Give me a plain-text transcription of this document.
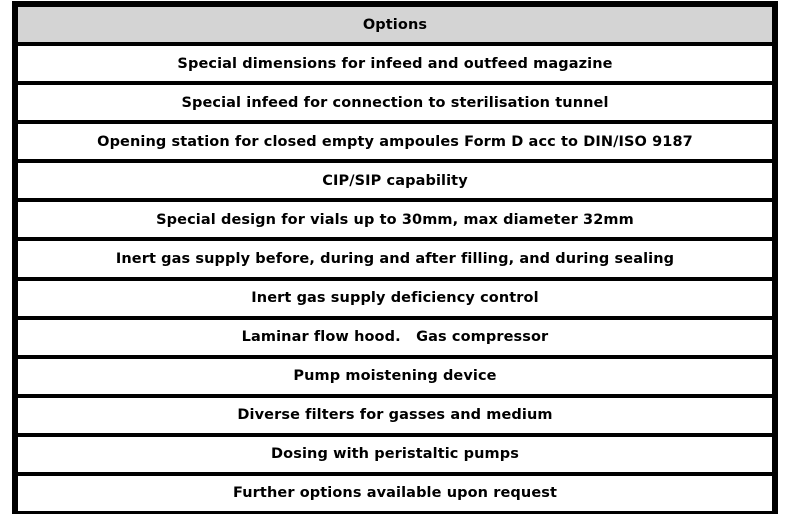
Options
Special dimensions for infeed and outfeed magazine
Special infeed for connection to sterilisation tunnel
Opening station for closed empty ampoules Form D acc to DIN/ISO 9187
CIP/SIP capability
Special design for vials up to 30mm, max diameter 32mm
Inert gas supply before, during and after filling, and during sealing
Inert gas supply deficiency control
Laminar flow hood.   Gas compressor
Pump moistening device
Diverse filters for gasses and medium
Dosing with peristaltic pumps
Further options available upon request
